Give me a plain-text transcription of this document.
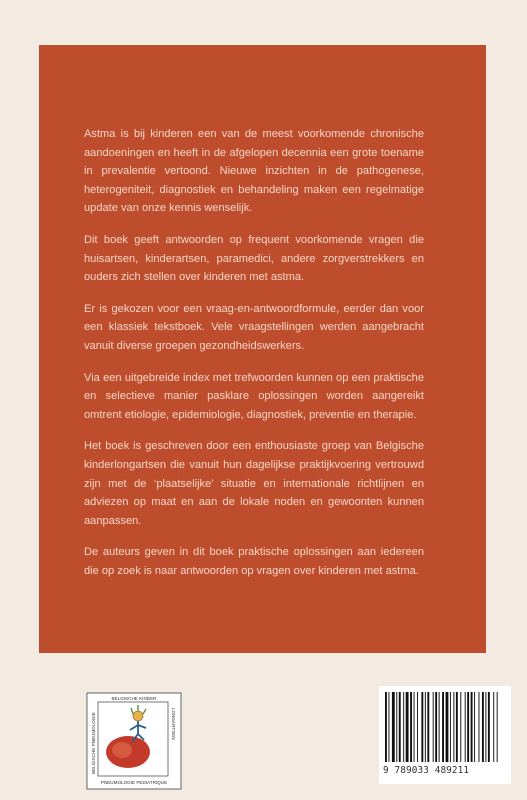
Astma is bij kinderen een van de meest voorkomende chronische aandoeningen en heeft in de afgelopen decennia een grote toename in prevalentie vertoond. Nieuwe inzichten in de pathogenese, heterogeniteit, diagnostiek en behandeling maken een regelmatige update van onze kennis wenselijk.

Dit boek geeft antwoorden op frequent voorkomende vragen die huisartsen, kinderartsen, paramedici, andere zorgverstrekkers en ouders zich stellen over kinderen met astma.

Er is gekozen voor een vraag-en-antwoordformule, eerder dan voor een klassiek tekstboek. Vele vraagstellingen werden aangebracht vanuit diverse groepen gezondheidswerkers.

Via een uitgebreide index met trefwoorden kunnen op een praktische en selectieve manier pasklare oplossingen worden aangereikt omtrent etiologie, epidemiologie, diagnostiek, preventie en therapie.

Het boek is geschreven door een enthousiaste groep van Belgische kinderlongartsen die vanuit hun dagelijkse praktijkvoering vertrouwd zijn met de ‘plaatselijke’ situatie en internationale richtlijnen en adviezen op maat en aan de lokale noden en gewoonten kunnen aanpassen.

De auteurs geven in dit boek praktische oplossingen aan iedereen die op zoek is naar antwoorden op vragen over kinderen met astma.

BELGISCHE KINDER
LONGARTSEN
BELGISCHE PNEUMOLOGIE
PNEUMOLOGIE PEDIATRIQUE
9 789033 489211
